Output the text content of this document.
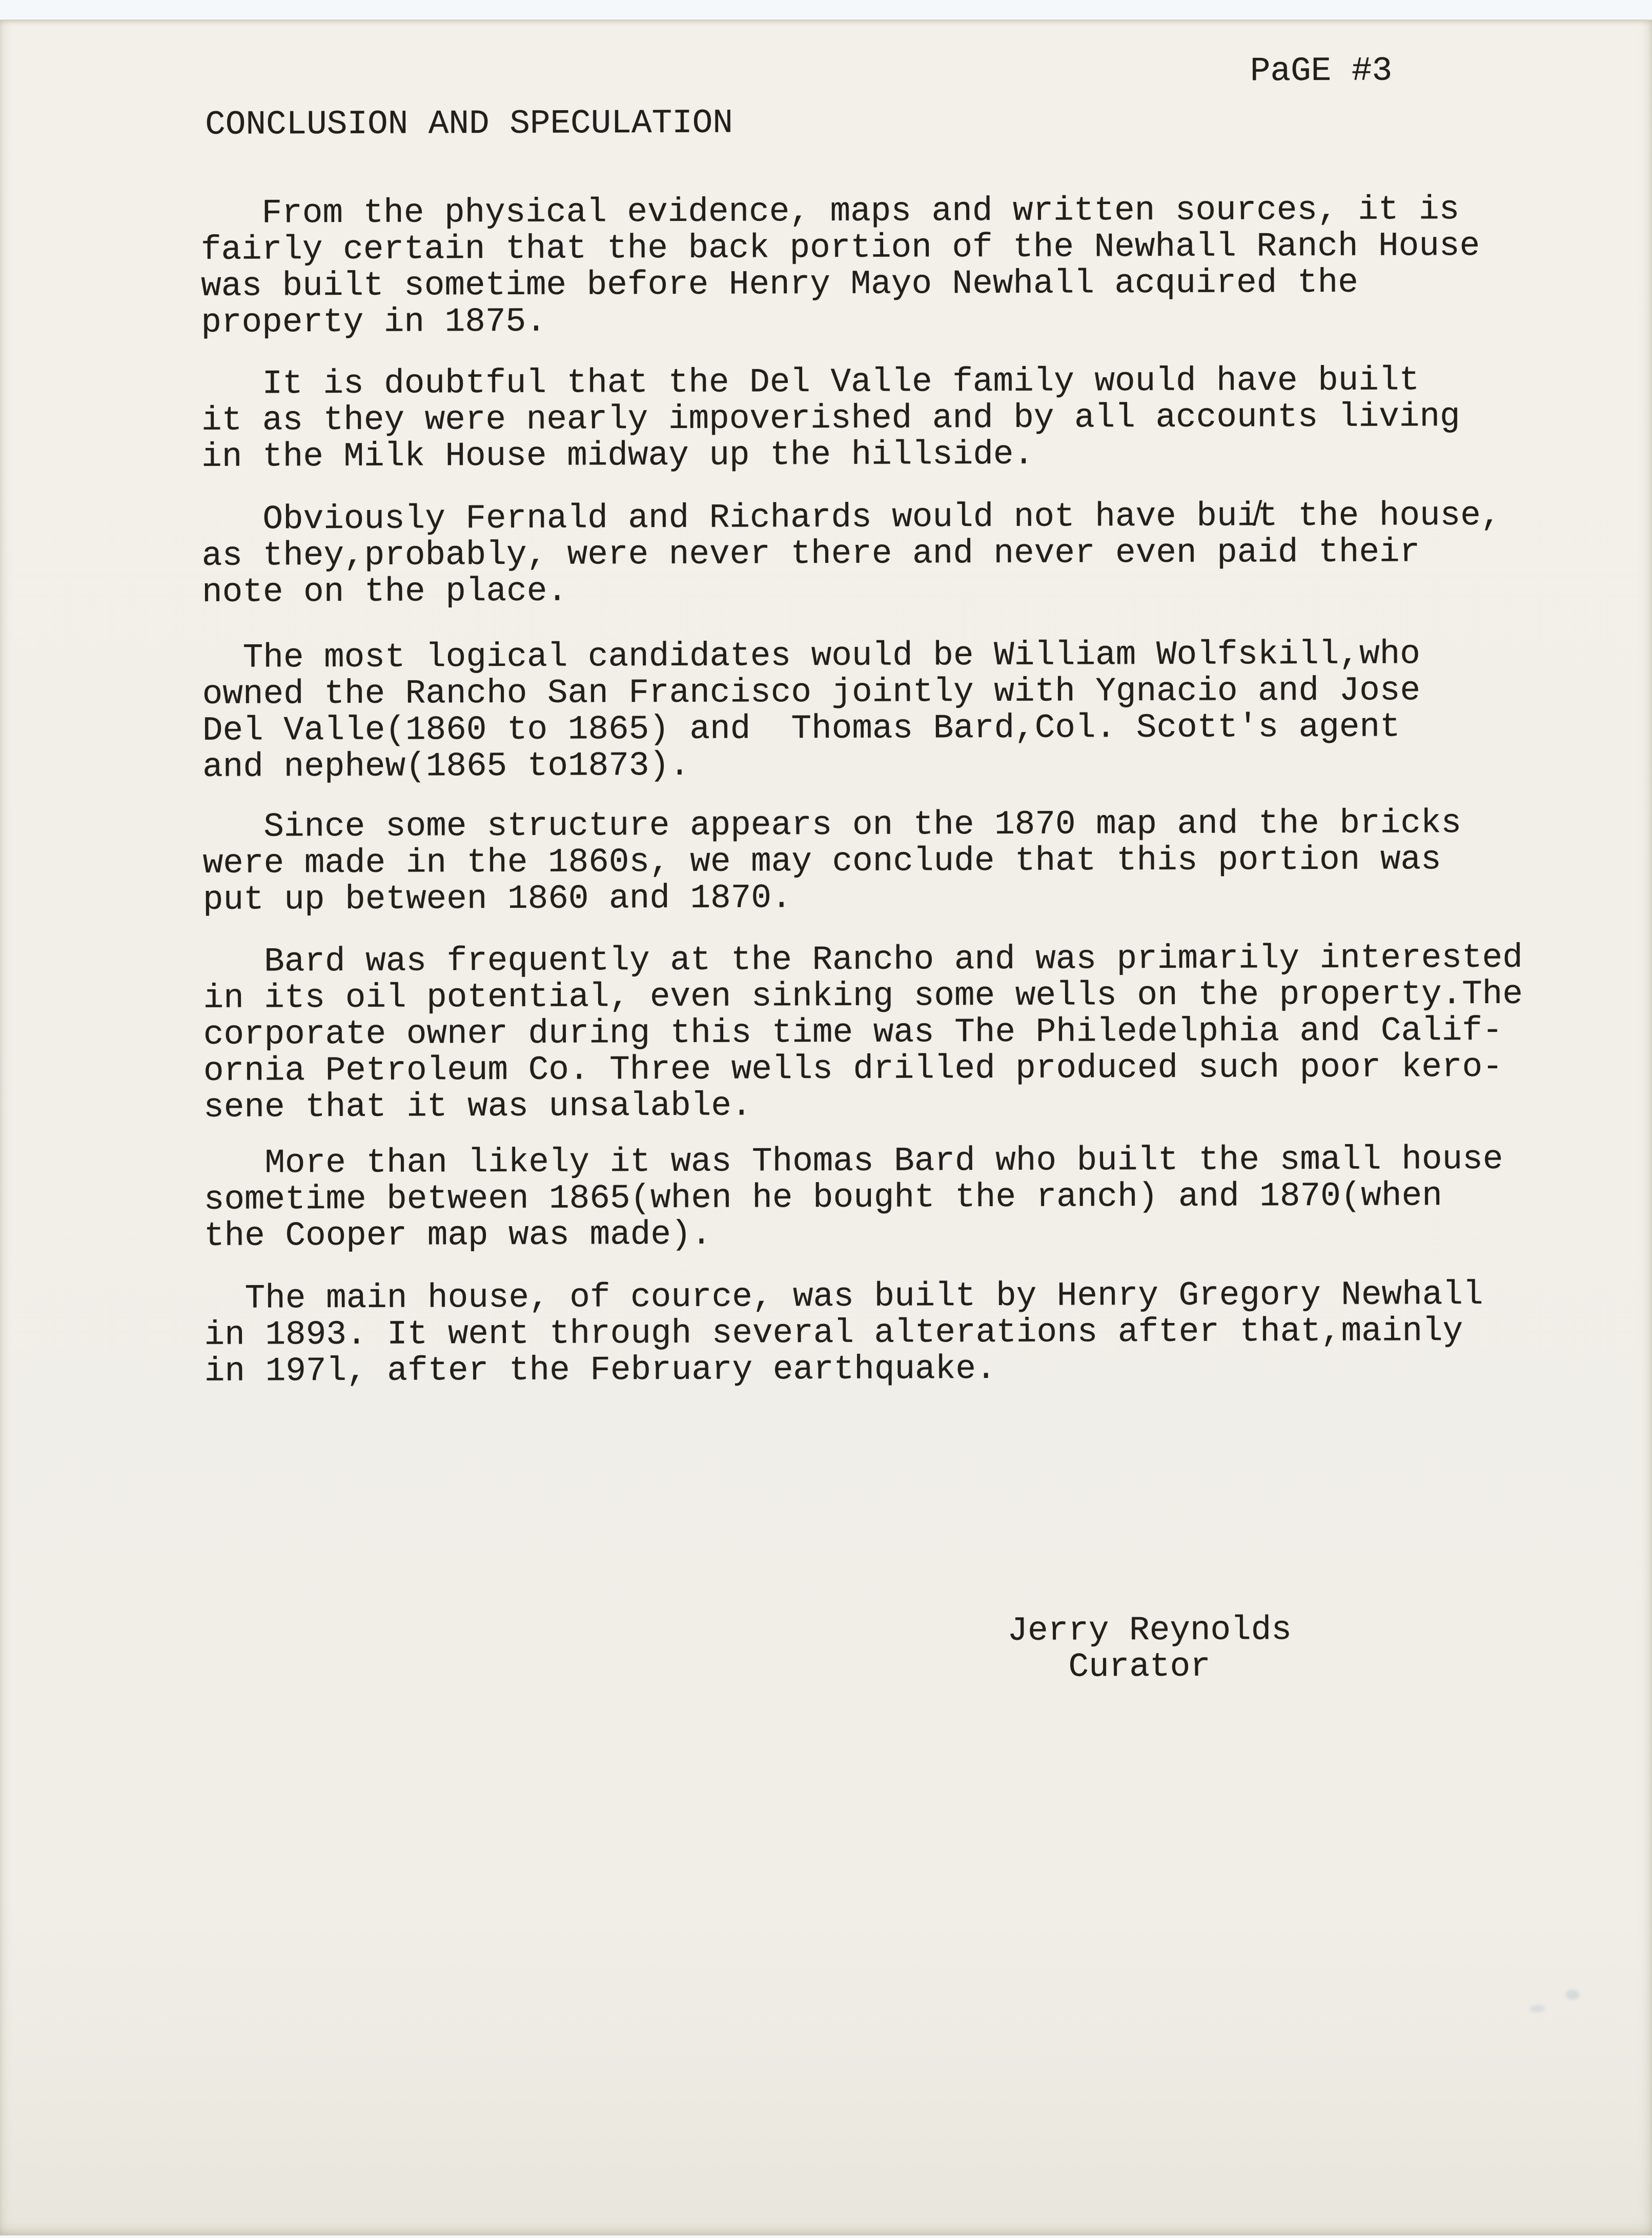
PaGE #3
CONCLUSION AND SPECULATION
From the physical evidence, maps and written sources, it is
fairly certain that the back portion of the Newhall Ranch House
was built sometime before Henry Mayo Newhall acquired the
property in 1875.
It is doubtful that the Del Valle family would have built
it as they were nearly impoverished and by all accounts living
in the Milk House midway up the hillside.
Obviously Fernald and Richards would not have bui̸t the house,
as they,probably, were never there and never even paid their
note on the place.
The most logical candidates would be William Wolfskill,who
owned the Rancho San Francisco jointly with Ygnacio and Jose
Del Valle(1860 to 1865) and  Thomas Bard,Col. Scott's agent
and nephew(1865 to1873).
Since some structure appears on the 1870 map and the bricks
were made in the 1860s, we may conclude that this portion was
put up between 1860 and 1870.
Bard was frequently at the Rancho and was primarily interested
in its oil potential, even sinking some wells on the property.The
corporate owner during this time was The Philedelphia and Calif-
ornia Petroleum Co. Three wells drilled produced such poor kero-
sene that it was unsalable.
More than likely it was Thomas Bard who built the small house
sometime between 1865(when he bought the ranch) and 1870(when
the Cooper map was made).
The main house, of cource, was built by Henry Gregory Newhall
in 1893. It went through several alterations after that,mainly
in 197l, after the February earthquake.
Jerry Reynolds
Curator
